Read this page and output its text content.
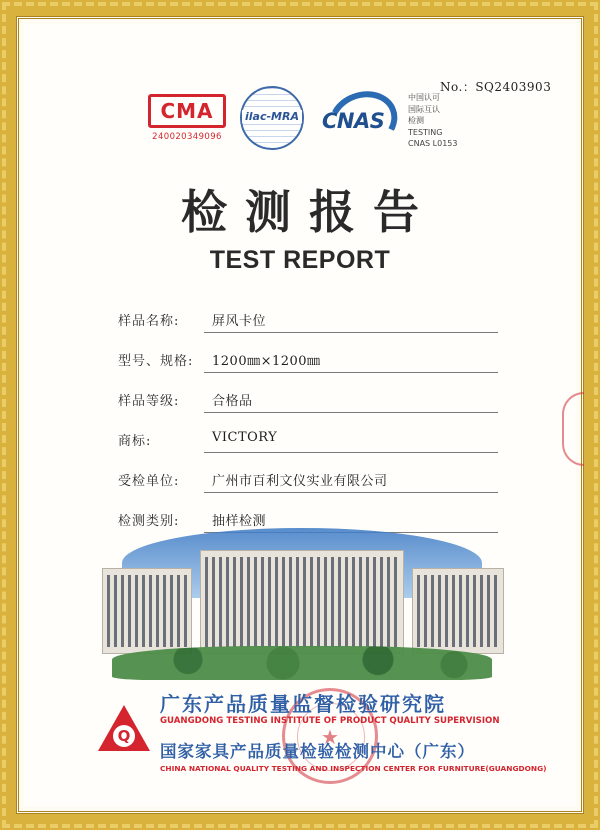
No.：SQ2403903
CMA
240020349096
ilac-MRA CNAS
中国认可
国际互认
检测
TESTING
CNAS L0153
检测报告
TEST REPORT
样品名称:	屏风卡位
型号、规格: 1200㎜×1200㎜
样品等级:	合格品
商标:	VICTORY
受检单位:	广州市百利文仪实业有限公司
检测类别:	抽样检测
Q	★
广东产品质量监督检验研究院
GUANGDONG TESTING INSTITUTE OF PRODUCT QUALITY SUPERVISION
国家家具产品质量检验检测中心（广东）
CHINA NATIONAL QUALITY TESTING AND INSPECTION CENTER FOR FURNITURE(GUANGDONG)
